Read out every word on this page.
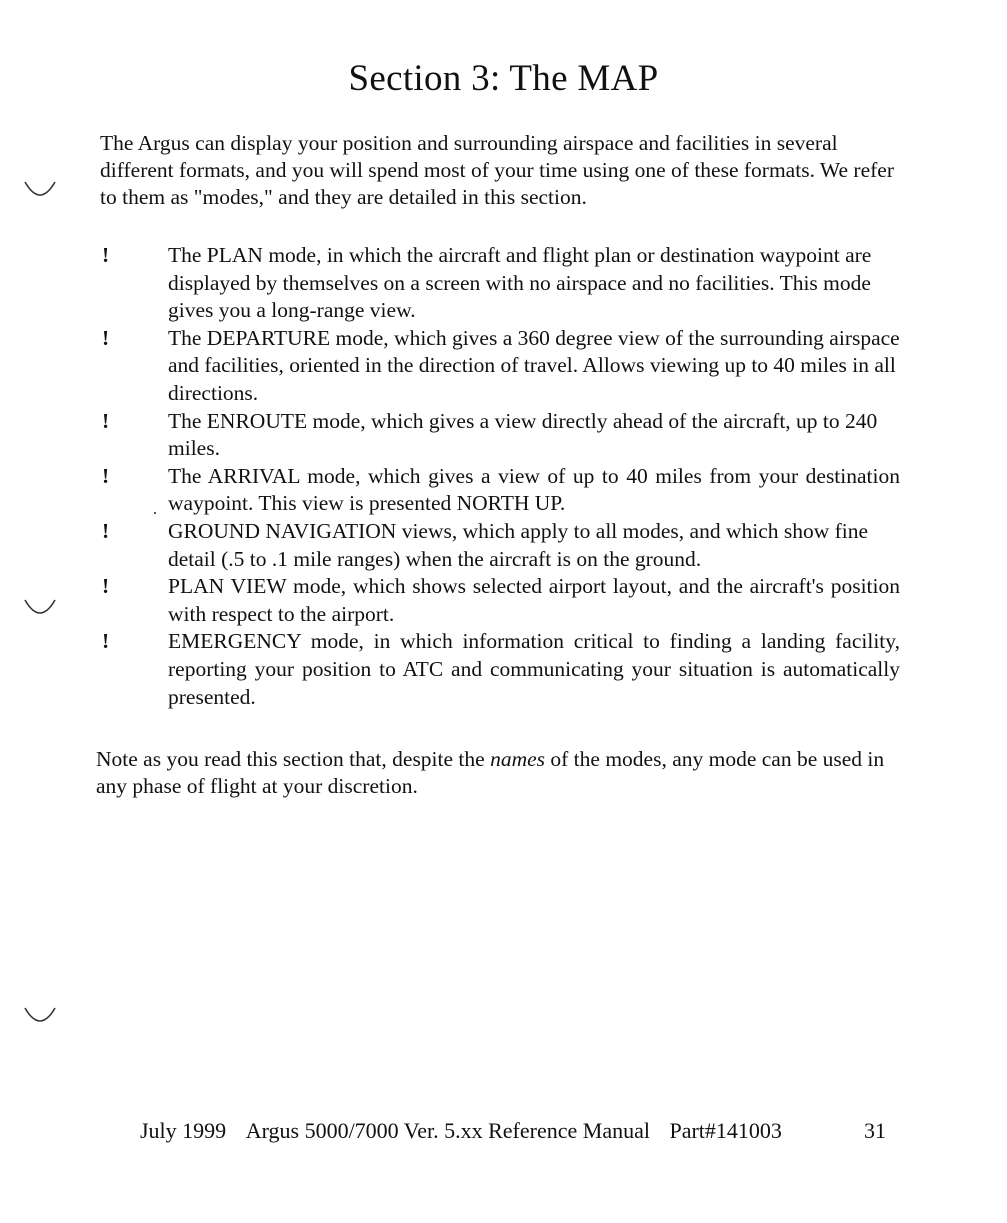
Section 3: The MAP

The Argus can display your position and surrounding airspace and facilities in several different formats, and you will spend most of your time using one of these formats. We refer to them as "modes," and they are detailed in this section.

!	The PLAN mode, in which the aircraft and flight plan or destination waypoint are displayed by themselves on a screen with no airspace and no facilities. This mode gives you a long-range view.
!	The DEPARTURE mode, which gives a 360 degree view of the surrounding airspace and facilities, oriented in the direction of travel. Allows viewing up to 40 miles in all directions.
!	The ENROUTE mode, which gives a view directly ahead of the aircraft, up to 240 miles.
!	The ARRIVAL mode, which gives a view of up to 40 miles from your destination waypoint. This view is presented NORTH UP.
!	GROUND NAVIGATION views, which apply to all modes, and which show fine detail (.5 to .1 mile ranges) when the aircraft is on the ground.
!	PLAN VIEW mode, which shows selected airport layout, and the aircraft's position with respect to the airport.
!	EMERGENCY mode, in which information critical to finding a landing facility, reporting your position to ATC and communicating your situation is automatically presented.

Note as you read this section that, despite the names of the modes, any mode can be used in any phase of flight at your discretion.

July 1999 Argus 5000/7000 Ver. 5.xx Reference Manual Part#141003	31
